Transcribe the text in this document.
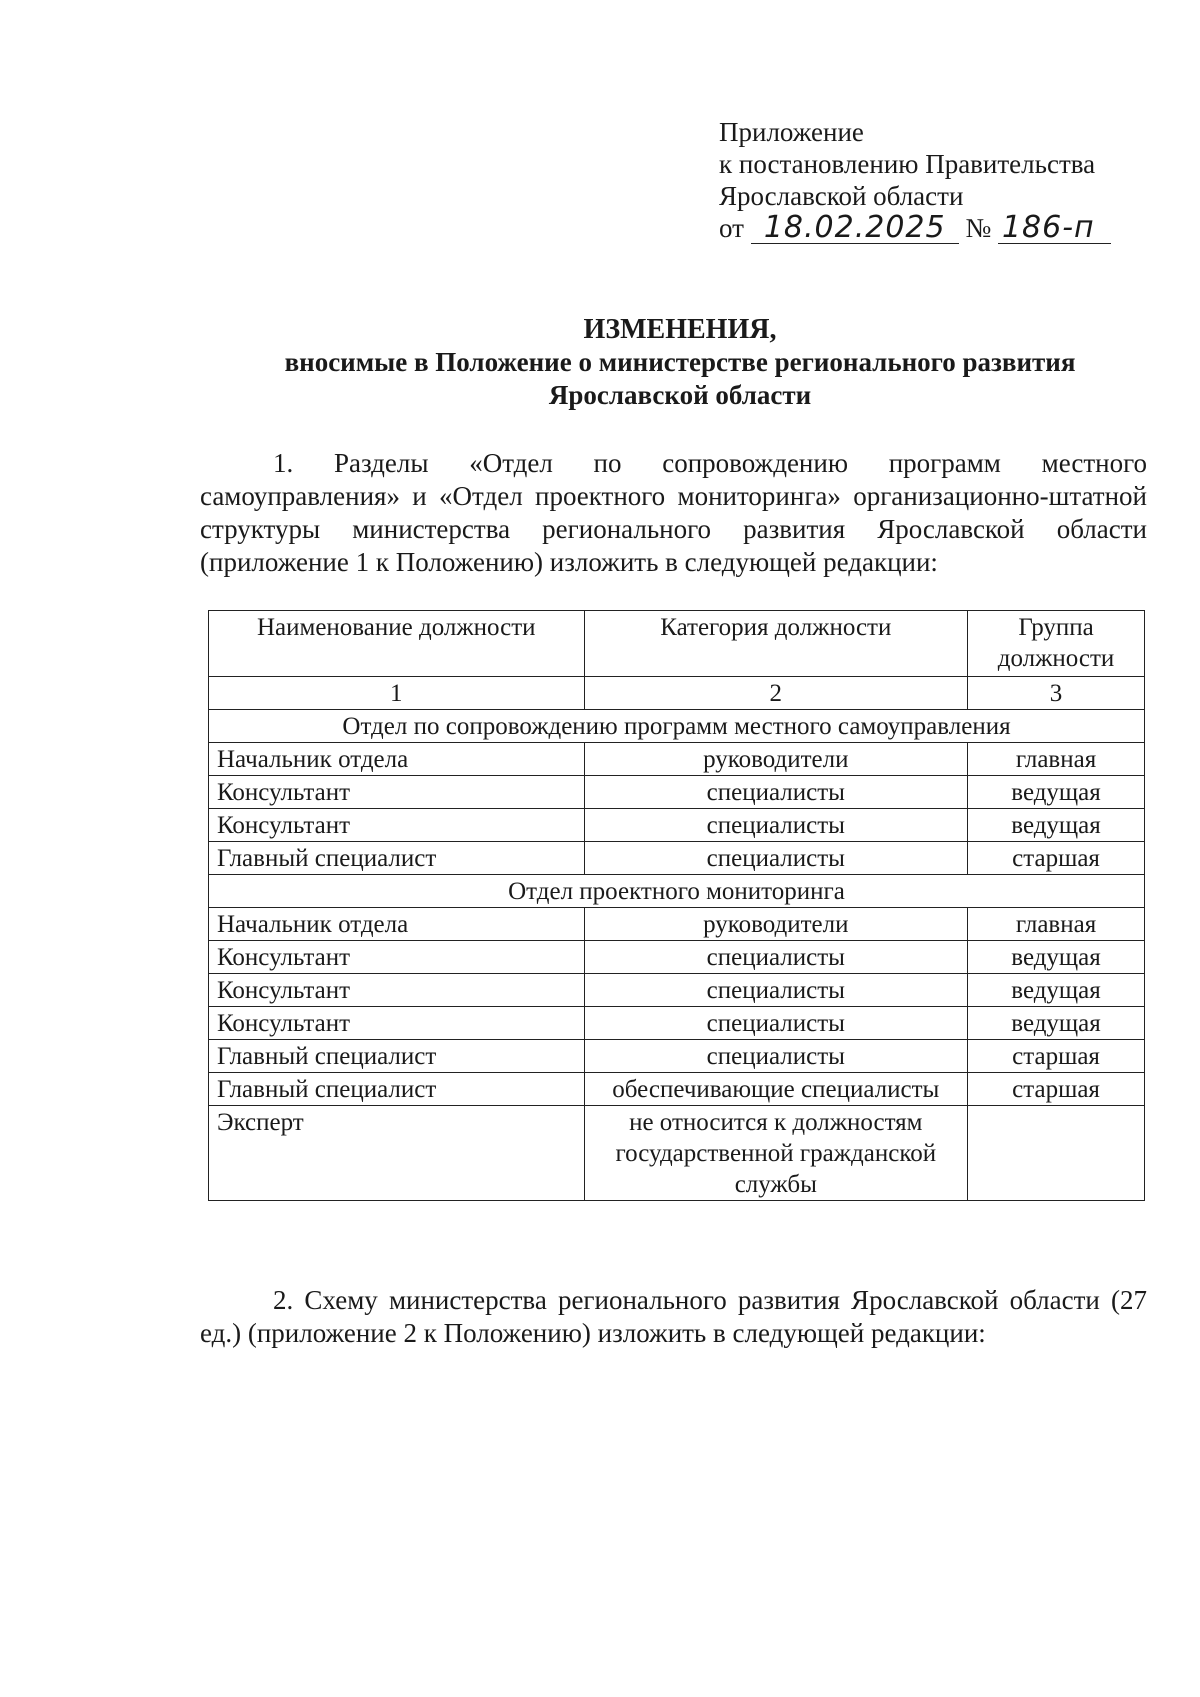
Приложение
к постановлению Правительства
Ярославской области
от 18.02.2025 № 186-п
ИЗМЕНЕНИЯ,
вносимые в Положение о министерстве регионального развития
Ярославской области
1. Разделы «Отдел по сопровождению программ местного самоуправления» и «Отдел проектного мониторинга» организационно-штатной структуры министерства регионального развития Ярославской области (приложение 1 к Положению) изложить в следующей редакции:
Наименование должности	Категория должности	Группа должности
1	2	3
Отдел по сопровождению программ местного самоуправления		
Начальник отдела	руководители	главная
Консультант	специалисты	ведущая
Консультант	специалисты	ведущая
Главный специалист	специалисты	старшая
Отдел проектного мониторинга		
Начальник отдела	руководители	главная
Консультант	специалисты	ведущая
Консультант	специалисты	ведущая
Консультант	специалисты	ведущая
Главный специалист	специалисты	старшая
Главный специалист	обеспечивающие специалисты	старшая
Эксперт	не относится к должностям государственной гражданской службы	
2. Схему министерства регионального развития Ярославской области (27 ед.) (приложение 2 к Положению) изложить в следующей редакции:
